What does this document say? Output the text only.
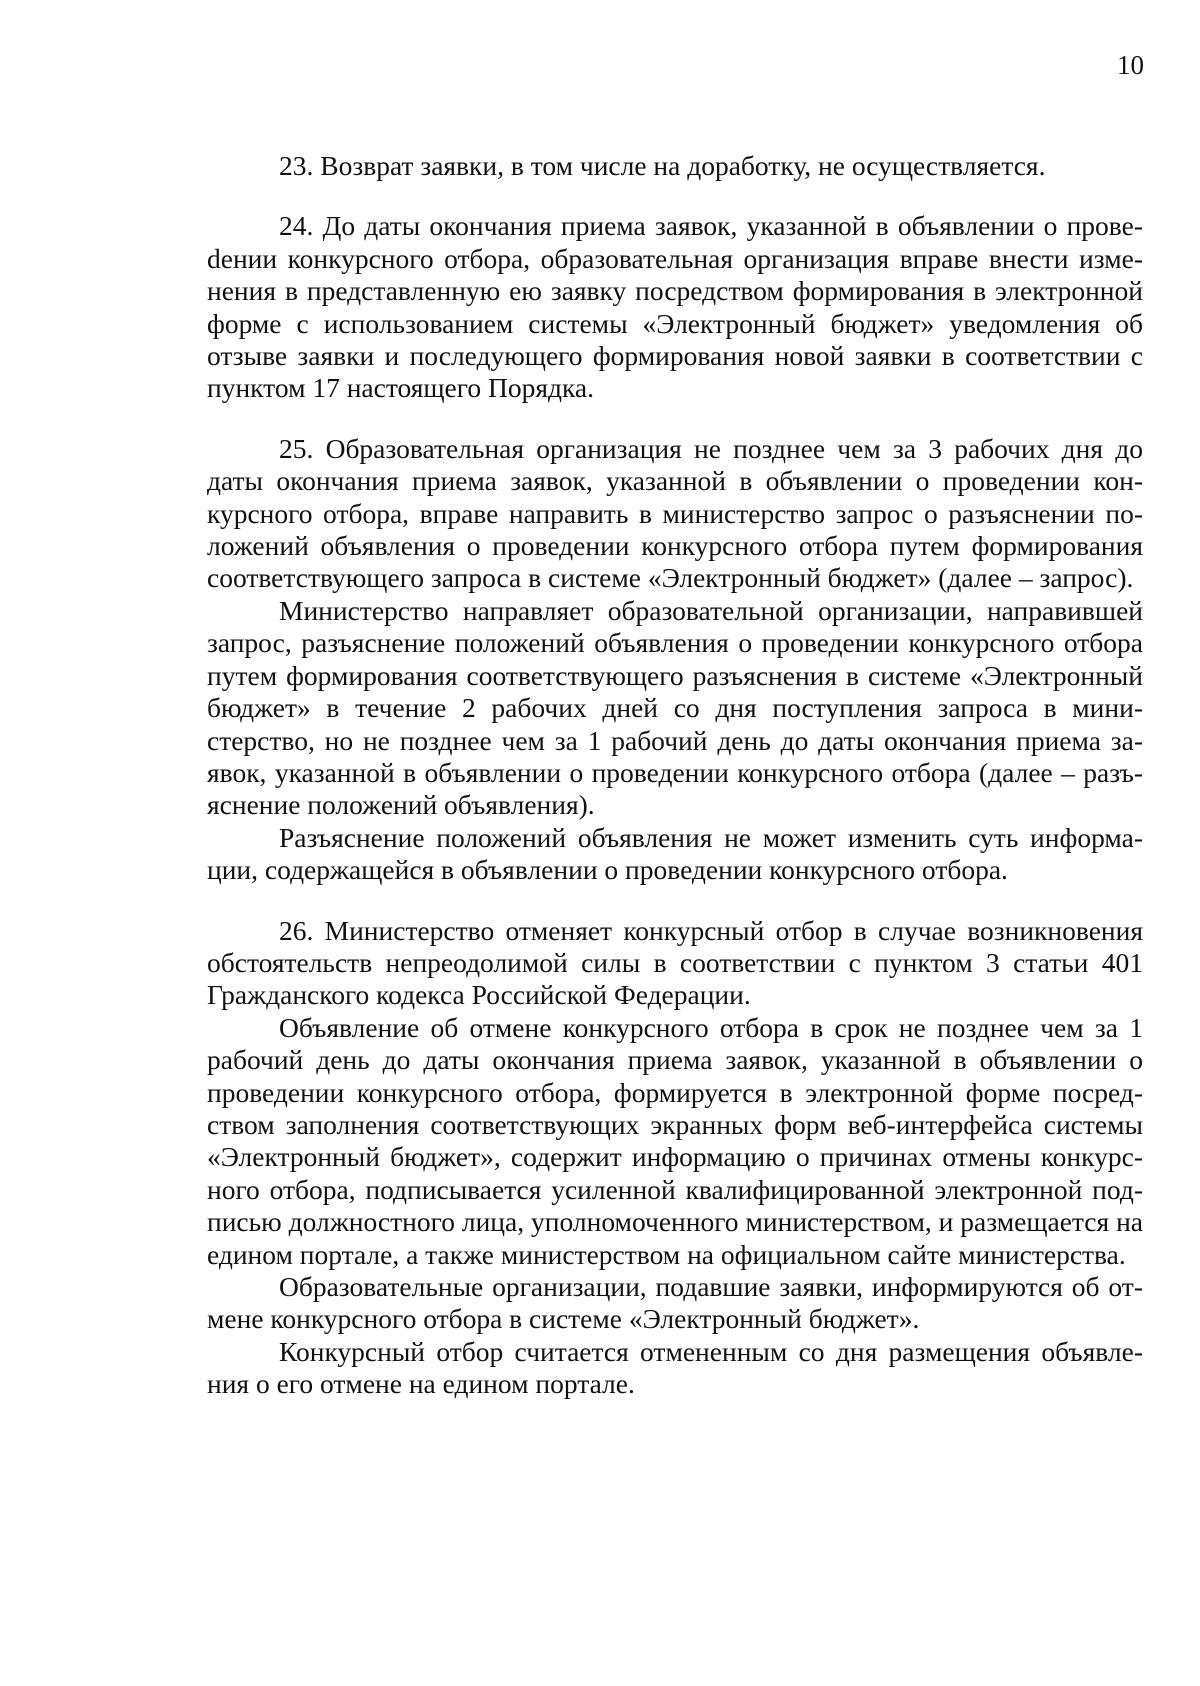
10

23. Возврат заявки, в том числе на доработку, не осуществляется.

24. До даты окончания приема заявок, указанной в объявлении о провеdении конкурсного отбора, образовательная организация вправе внести изменения в представленную ею заявку посредством формирования в электронной форме с использованием системы «Электронный бюджет» уведомления об отзыве заявки и последующего формирования новой заявки в соответствии с пунктом 17 настоящего Порядка.

25. Образовательная организация не позднее чем за 3 рабочих дня до даты окончания приема заявок, указанной в объявлении о проведении конкурсного отбора, вправе направить в министерство запрос о разъяснении положений объявления о проведении конкурсного отбора путем формирования соответствующего запроса в системе «Электронный бюджет» (далее – запрос).

Министерство направляет образовательной организации, направившей запрос, разъяснение положений объявления о проведении конкурсного отбора путем формирования соответствующего разъяснения в системе «Электронный бюджет» в течение 2 рабочих дней со дня поступления запроса в министерство, но не позднее чем за 1 рабочий день до даты окончания приема заявок, указанной в объявлении о проведении конкурсного отбора (далее – разъяснение положений объявления).

Разъяснение положений объявления не может изменить суть информации, содержащейся в объявлении о проведении конкурсного отбора.

26. Министерство отменяет конкурсный отбор в случае возникновения обстоятельств непреодолимой силы в соответствии с пунктом 3 статьи 401 Гражданского кодекса Российской Федерации.

Объявление об отмене конкурсного отбора в срок не позднее чем за 1 рабочий день до даты окончания приема заявок, указанной в объявлении о проведении конкурсного отбора, формируется в электронной форме посредством заполнения соответствующих экранных форм веб-интерфейса системы «Электронный бюджет», содержит информацию о причинах отмены конкурсного отбора, подписывается усиленной квалифицированной электронной подписью должностного лица, уполномоченного министерством, и размещается на едином портале, а также министерством на официальном сайте министерства.

Образовательные организации, подавшие заявки, информируются об отмене конкурсного отбора в системе «Электронный бюджет».

Конкурсный отбор считается отмененным со дня размещения объявления о его отмене на едином портале.
